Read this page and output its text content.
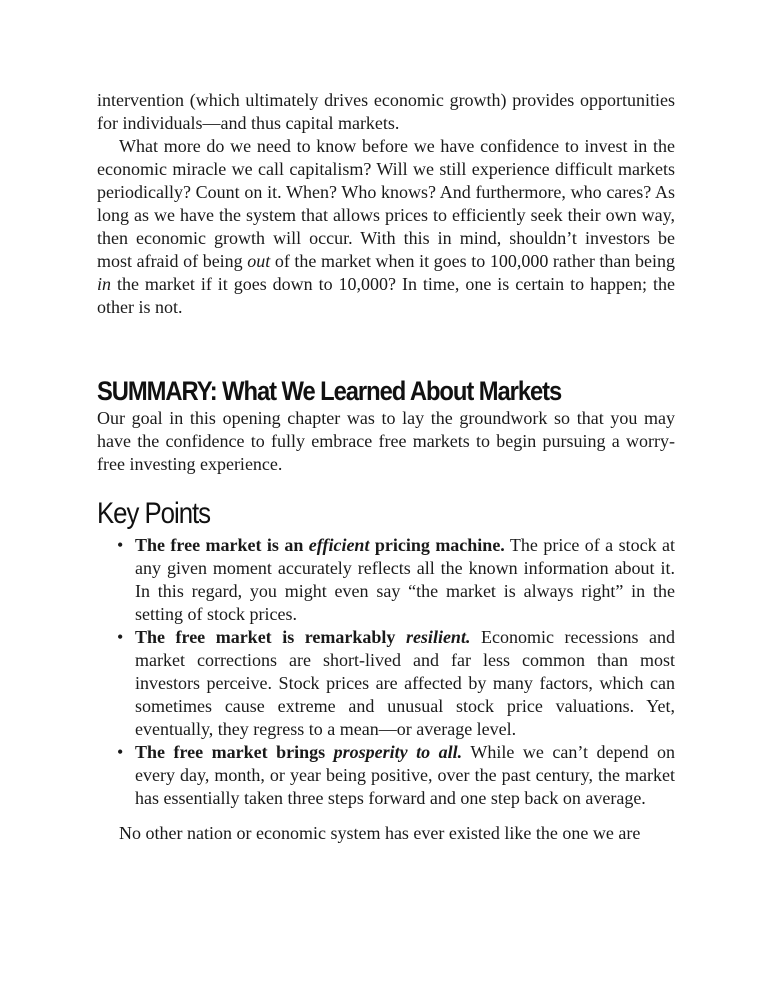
intervention (which ultimately drives economic growth) provides opportunities for individuals—and thus capital markets.

What more do we need to know before we have confidence to invest in the economic miracle we call capitalism? Will we still experience difficult markets periodically? Count on it. When? Who knows? And furthermore, who cares? As long as we have the system that allows prices to efficiently seek their own way, then economic growth will occur. With this in mind, shouldn’t investors be most afraid of being out of the market when it goes to 100,000 rather than being in the market if it goes down to 10,000? In time, one is certain to happen; the other is not.

SUMMARY: What We Learned About Markets

Our goal in this opening chapter was to lay the groundwork so that you may have the confidence to fully embrace free markets to begin pursuing a worry-free investing experience.

Key Points
• The free market is an efficient pricing machine. The price of a stock at any given moment accurately reflects all the known information about it. In this regard, you might even say “the market is always right” in the setting of stock prices.
• The free market is remarkably resilient. Economic recessions and market corrections are short-lived and far less common than most investors perceive. Stock prices are affected by many factors, which can sometimes cause extreme and unusual stock price valuations. Yet, eventually, they regress to a mean—or average level.
• The free market brings prosperity to all. While we can’t depend on every day, month, or year being positive, over the past century, the market has essentially taken three steps forward and one step back on average.

No other nation or economic system has ever existed like the one we are
